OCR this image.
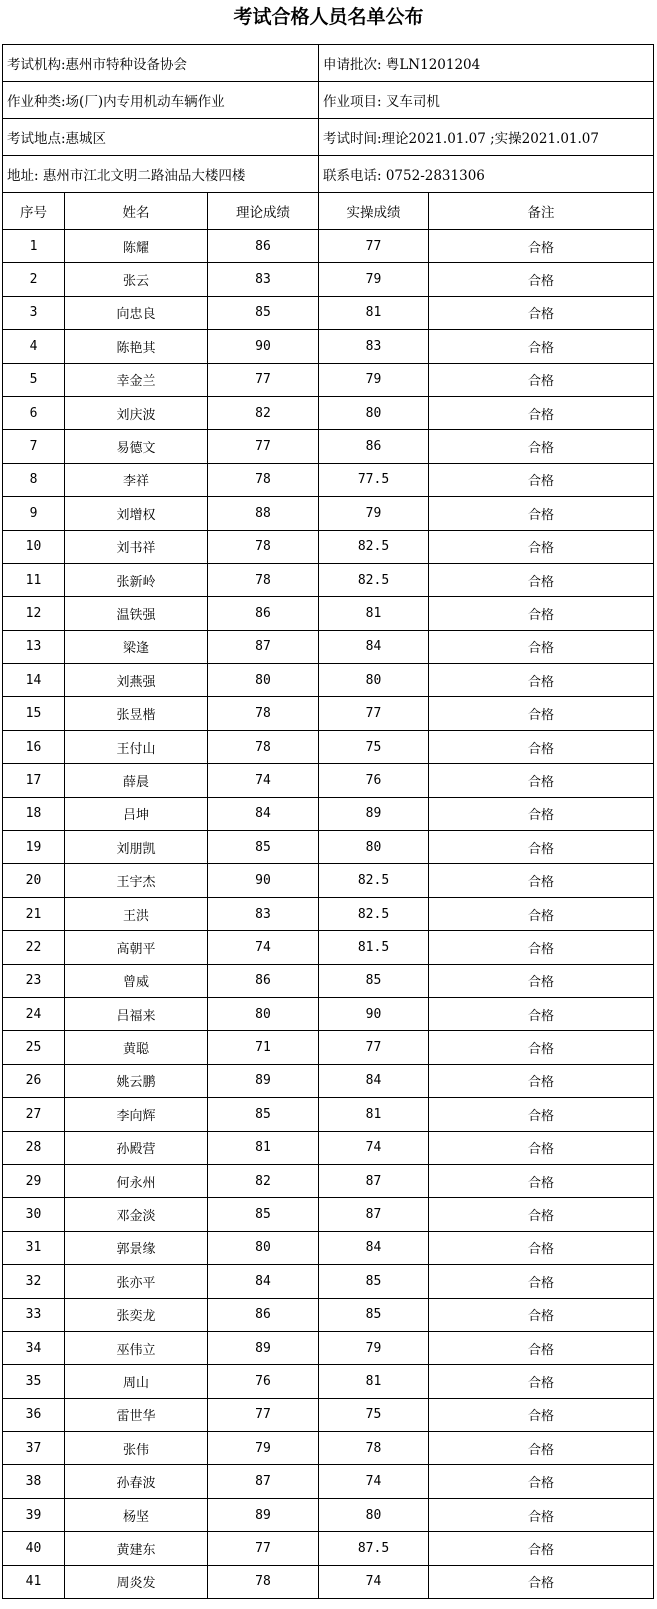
考试合格人员名单公布
考试机构:惠州市特种设备协会			申请批次: 粤LN1201204	
作业种类:场(厂)内专用机动车辆作业			作业项目: 叉车司机	
考试地点:惠城区			考试时间:理论2021.01.07 ;实操2021.01.07	
地址: 惠州市江北文明二路油品大楼四楼			联系电话: 0752-2831306	
序号	姓名	理论成绩	实操成绩	备注
1	陈耀	86	77	合格
2	张云	83	79	合格
3	向忠良	85	81	合格
4	陈艳其	90	83	合格
5	幸金兰	77	79	合格
6	刘庆波	82	80	合格
7	易德文	77	86	合格
8	李祥	78	77.5	合格
9	刘增权	88	79	合格
10	刘书祥	78	82.5	合格
11	张新岭	78	82.5	合格
12	温铁强	86	81	合格
13	梁逢	87	84	合格
14	刘燕强	80	80	合格
15	张昱楷	78	77	合格
16	王付山	78	75	合格
17	薛晨	74	76	合格
18	吕坤	84	89	合格
19	刘朋凯	85	80	合格
20	王宇杰	90	82.5	合格
21	王洪	83	82.5	合格
22	高朝平	74	81.5	合格
23	曾威	86	85	合格
24	吕福来	80	90	合格
25	黄聪	71	77	合格
26	姚云鹏	89	84	合格
27	李向辉	85	81	合格
28	孙殿营	81	74	合格
29	何永州	82	87	合格
30	邓金淡	85	87	合格
31	郭景缘	80	84	合格
32	张亦平	84	85	合格
33	张奕龙	86	85	合格
34	巫伟立	89	79	合格
35	周山	76	81	合格
36	雷世华	77	75	合格
37	张伟	79	78	合格
38	孙春波	87	74	合格
39	杨坚	89	80	合格
40	黄建东	77	87.5	合格
41	周炎发	78	74	合格
